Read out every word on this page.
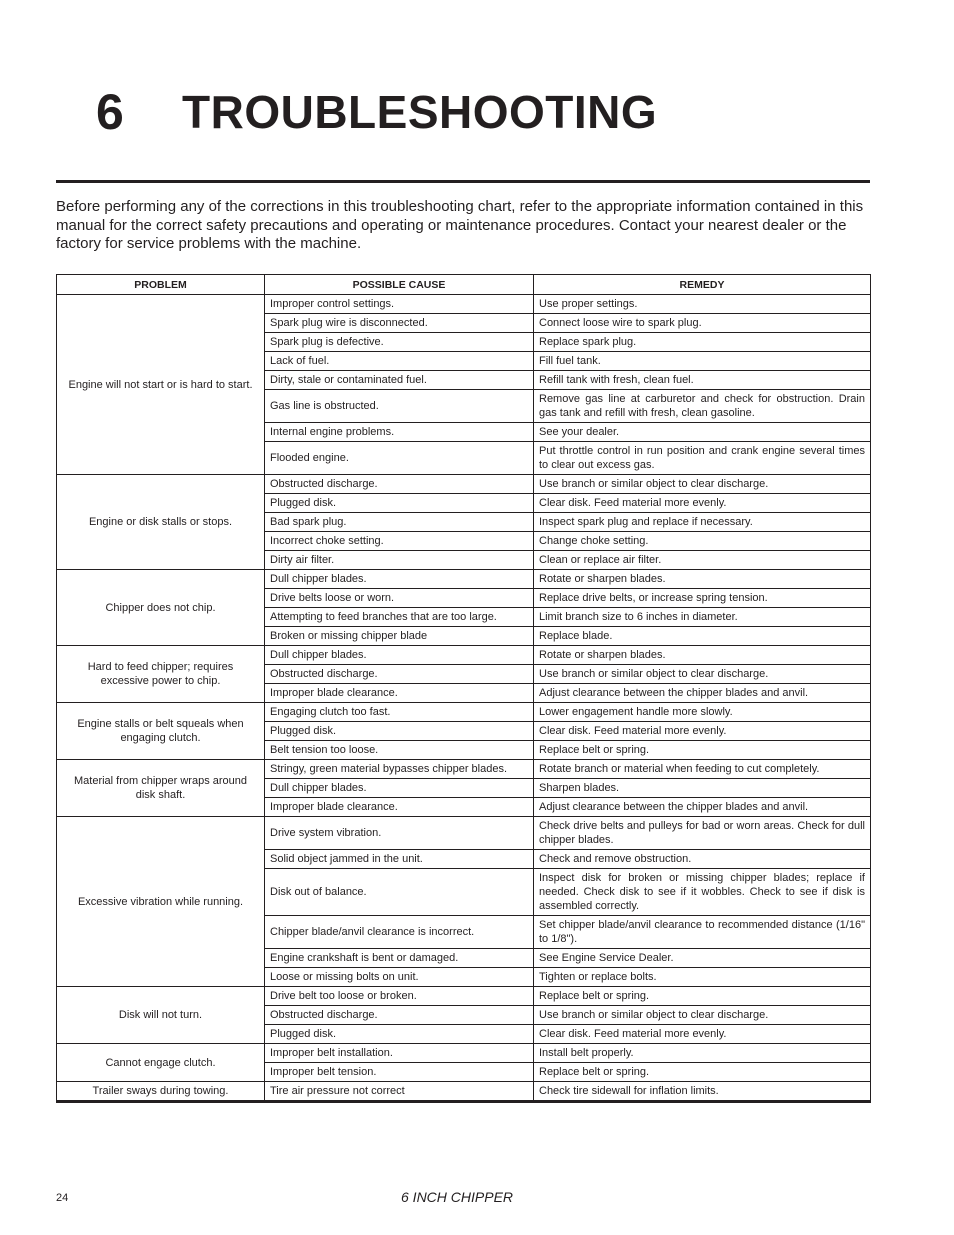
6	TROUBLESHOOTING

Before performing any of the corrections in this troubleshooting chart, refer to the appropriate information contained in this manual for the correct safety precautions and operating or maintenance procedures. Contact your nearest dealer or the factory for service problems with the machine.

PROBLEM	POSSIBLE CAUSE	REMEDY
Engine will not start or is hard to start.	Improper control settings.	Use proper settings.
	Spark plug wire is disconnected.	Connect loose wire to spark plug.
	Spark plug is defective.	Replace spark plug.
	Lack of fuel.	Fill fuel tank.
	Dirty, stale or contaminated fuel.	Refill tank with fresh, clean fuel.
	Gas line is obstructed.	Remove gas line at carburetor and check for obstruction. Drain gas tank and refill with fresh, clean gasoline.
	Internal engine problems.	See your dealer.
	Flooded engine.	Put throttle control in run position and crank engine several times to clear out excess gas.
Engine or disk stalls or stops.	Obstructed discharge.	Use branch or similar object to clear discharge.
	Plugged disk.	Clear disk. Feed material more evenly.
	Bad spark plug.	Inspect spark plug and replace if necessary.
	Incorrect choke setting.	Change choke setting.
	Dirty air filter.	Clean or replace air filter.
Chipper does not chip.	Dull chipper blades.	Rotate or sharpen blades.
	Drive belts loose or worn.	Replace drive belts, or increase spring tension.
	Attempting to feed branches that are too large.	Limit branch size to 6 inches in diameter.
	Broken or missing chipper blade	Replace blade.
Hard to feed chipper; requires excessive power to chip.	Dull chipper blades.	Rotate or sharpen blades.
	Obstructed discharge.	Use branch or similar object to clear discharge.
	Improper blade clearance.	Adjust clearance between the chipper blades and anvil.
Engine stalls or belt squeals when engaging clutch.	Engaging clutch too fast.	Lower engagement handle more slowly.
	Plugged disk.	Clear disk. Feed material more evenly.
	Belt tension too loose.	Replace belt or spring.
Material from chipper wraps around disk shaft.	Stringy, green material bypasses chipper blades.	Rotate branch or material when feeding to cut completely.
	Dull chipper blades.	Sharpen blades.
	Improper blade clearance.	Adjust clearance between the chipper blades and anvil.
Excessive vibration while running.	Drive system vibration.	Check drive belts and pulleys for bad or worn areas. Check for dull chipper blades.
	Solid object jammed in the unit.	Check and remove obstruction.
	Disk out of balance.	Inspect disk for broken or missing chipper blades; replace if needed. Check disk to see if it wobbles. Check to see if disk is assembled correctly.
	Chipper blade/anvil clearance is incorrect.	Set chipper blade/anvil clearance to recommended distance (1/16" to 1/8").
	Engine crankshaft is bent or damaged.	See Engine Service Dealer.
	Loose or missing bolts on unit.	Tighten or replace bolts.
Disk will not turn.	Drive belt too loose or broken.	Replace belt or spring.
	Obstructed discharge.	Use branch or similar object to clear discharge.
	Plugged disk.	Clear disk. Feed material more evenly.
Cannot engage clutch.	Improper belt installation.	Install belt properly.
	Improper belt tension.	Replace belt or spring.
Trailer sways during towing.	Tire air pressure not correct	Check tire sidewall for inflation limits.
24	6 INCH CHIPPER
